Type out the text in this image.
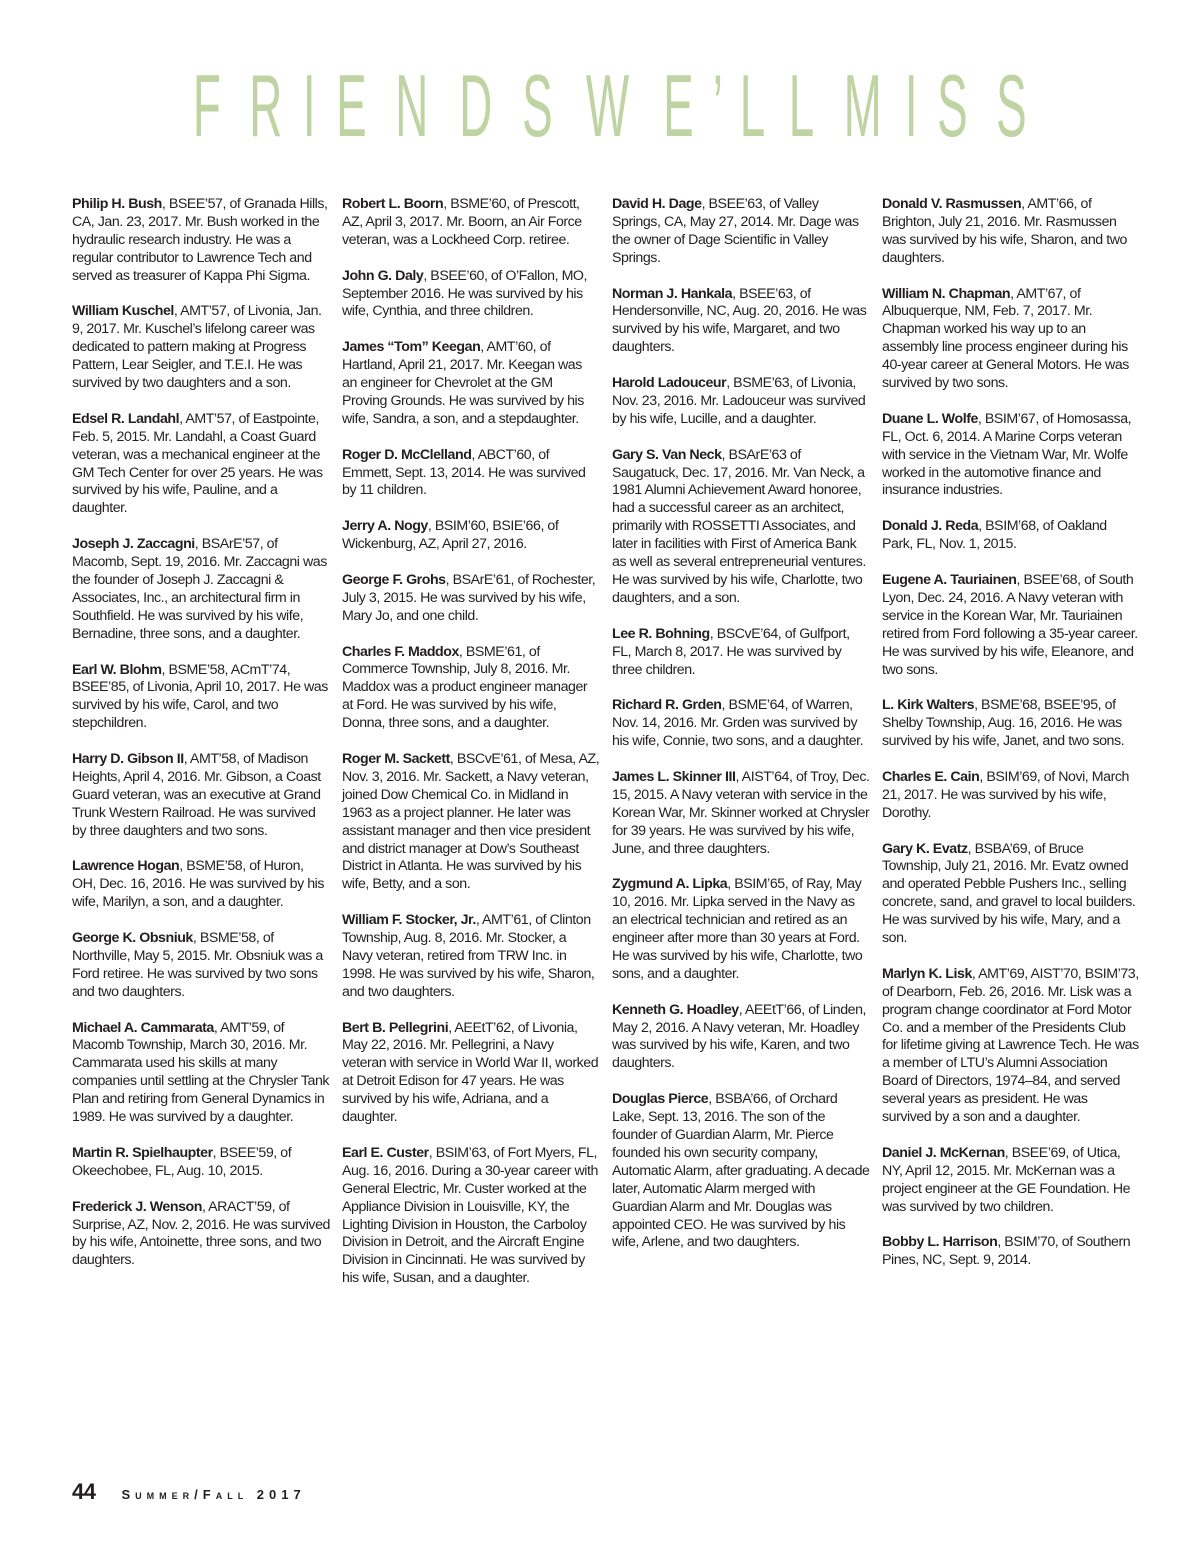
F R I E N D S W E ’ L L M I S S

Philip H. Bush, BSEE’57, of Granada Hills, CA, Jan. 23, 2017. Mr. Bush worked in the hydraulic research industry. He was a regular contributor to Lawrence Tech and served as treasurer of Kappa Phi Sigma.

William Kuschel, AMT’57, of Livonia, Jan. 9, 2017. Mr. Kuschel’s lifelong career was dedicated to pattern making at Progress Pattern, Lear Seigler, and T.E.I. He was survived by two daughters and a son.

Edsel R. Landahl, AMT’57, of Eastpointe, Feb. 5, 2015. Mr. Landahl, a Coast Guard veteran, was a mechanical engineer at the GM Tech Center for over 25 years. He was survived by his wife, Pauline, and a daughter.

Joseph J. Zaccagni, BSArE’57, of Macomb, Sept. 19, 2016. Mr. Zaccagni was the founder of Joseph J. Zaccagni & Associates, Inc., an architectural firm in Southfield. He was survived by his wife, Bernadine, three sons, and a daughter.

Earl W. Blohm, BSME’58, ACmT’74, BSEE’85, of Livonia, April 10, 2017. He was survived by his wife, Carol, and two stepchildren.

Harry D. Gibson II, AMT’58, of Madison Heights, April 4, 2016. Mr. Gibson, a Coast Guard veteran, was an executive at Grand Trunk Western Railroad. He was survived by three daughters and two sons.

Lawrence Hogan, BSME’58, of Huron, OH, Dec. 16, 2016. He was survived by his wife, Marilyn, a son, and a daughter.

George K. Obsniuk, BSME’58, of Northville, May 5, 2015. Mr. Obsniuk was a Ford retiree. He was survived by two sons and two daughters.

Michael A. Cammarata, AMT’59, of Macomb Township, March 30, 2016. Mr. Cammarata used his skills at many companies until settling at the Chrysler Tank Plan and retiring from General Dynamics in 1989. He was survived by a daughter.

Martin R. Spielhaupter, BSEE’59, of Okeechobee, FL, Aug. 10, 2015.

Frederick J. Wenson, ARACT’59, of Surprise, AZ, Nov. 2, 2016. He was survived by his wife, Antoinette, three sons, and two daughters.

Robert L. Boorn, BSME’60, of Prescott, AZ, April 3, 2017. Mr. Boorn, an Air Force veteran, was a Lockheed Corp. retiree.

John G. Daly, BSEE’60, of O’Fallon, MO, September 2016. He was survived by his wife, Cynthia, and three children.

James “Tom” Keegan, AMT’60, of Hartland, April 21, 2017. Mr. Keegan was an engineer for Chevrolet at the GM Proving Grounds. He was survived by his wife, Sandra, a son, and a stepdaughter.

Roger D. McClelland, ABCT’60, of Emmett, Sept. 13, 2014. He was survived by 11 children.

Jerry A. Nogy, BSIM’60, BSIE’66, of Wickenburg, AZ, April 27, 2016.

George F. Grohs, BSArE’61, of Rochester, July 3, 2015. He was survived by his wife, Mary Jo, and one child.

Charles F. Maddox, BSME’61, of Commerce Township, July 8, 2016. Mr. Maddox was a product engineer manager at Ford. He was survived by his wife, Donna, three sons, and a daughter.

Roger M. Sackett, BSCvE’61, of Mesa, AZ, Nov. 3, 2016. Mr. Sackett, a Navy veteran, joined Dow Chemical Co. in Midland in 1963 as a project planner. He later was assistant manager and then vice president and district manager at Dow’s Southeast District in Atlanta. He was survived by his wife, Betty, and a son.

William F. Stocker, Jr., AMT’61, of Clinton Township, Aug. 8, 2016. Mr. Stocker, a Navy veteran, retired from TRW Inc. in 1998. He was survived by his wife, Sharon, and two daughters.

Bert B. Pellegrini, AEEtT’62, of Livonia, May 22, 2016. Mr. Pellegrini, a Navy veteran with service in World War II, worked at Detroit Edison for 47 years. He was survived by his wife, Adriana, and a daughter.

Earl E. Custer, BSIM’63, of Fort Myers, FL, Aug. 16, 2016. During a 30-year career with General Electric, Mr. Custer worked at the Appliance Division in Louisville, KY, the Lighting Division in Houston, the Carboloy Division in Detroit, and the Aircraft Engine Division in Cincinnati. He was survived by his wife, Susan, and a daughter.

David H. Dage, BSEE’63, of Valley Springs, CA, May 27, 2014. Mr. Dage was the owner of Dage Scientific in Valley Springs.

Norman J. Hankala, BSEE’63, of Hendersonville, NC, Aug. 20, 2016. He was survived by his wife, Margaret, and two daughters.

Harold Ladouceur, BSME’63, of Livonia, Nov. 23, 2016. Mr. Ladouceur was survived by his wife, Lucille, and a daughter.

Gary S. Van Neck, BSArE’63 of Saugatuck, Dec. 17, 2016. Mr. Van Neck, a 1981 Alumni Achievement Award honoree, had a successful career as an architect, primarily with ROSSETTI Associates, and later in facilities with First of America Bank as well as several entrepreneurial ventures. He was survived by his wife, Charlotte, two daughters, and a son.

Lee R. Bohning, BSCvE’64, of Gulfport, FL, March 8, 2017. He was survived by three children.

Richard R. Grden, BSME’64, of Warren, Nov. 14, 2016. Mr. Grden was survived by his wife, Connie, two sons, and a daughter.

James L. Skinner III, AIST’64, of Troy, Dec. 15, 2015. A Navy veteran with service in the Korean War, Mr. Skinner worked at Chrysler for 39 years. He was survived by his wife, June, and three daughters.

Zygmund A. Lipka, BSIM’65, of Ray, May 10, 2016. Mr. Lipka served in the Navy as an electrical technician and retired as an engineer after more than 30 years at Ford. He was survived by his wife, Charlotte, two sons, and a daughter.

Kenneth G. Hoadley, AEEtT’66, of Linden, May 2, 2016. A Navy veteran, Mr. Hoadley was survived by his wife, Karen, and two daughters.

Douglas Pierce, BSBA’66, of Orchard Lake, Sept. 13, 2016. The son of the founder of Guardian Alarm, Mr. Pierce founded his own security company, Automatic Alarm, after graduating. A decade later, Automatic Alarm merged with Guardian Alarm and Mr. Douglas was appointed CEO. He was survived by his wife, Arlene, and two daughters.

Donald V. Rasmussen, AMT’66, of Brighton, July 21, 2016. Mr. Rasmussen was survived by his wife, Sharon, and two daughters.

William N. Chapman, AMT’67, of Albuquerque, NM, Feb. 7, 2017. Mr. Chapman worked his way up to an assembly line process engineer during his 40-year career at General Motors. He was survived by two sons.

Duane L. Wolfe, BSIM’67, of Homosassa, FL, Oct. 6, 2014. A Marine Corps veteran with service in the Vietnam War, Mr. Wolfe worked in the automotive finance and insurance industries.

Donald J. Reda, BSIM’68, of Oakland Park, FL, Nov. 1, 2015.

Eugene A. Tauriainen, BSEE’68, of South Lyon, Dec. 24, 2016. A Navy veteran with service in the Korean War, Mr. Tauriainen retired from Ford following a 35-year career. He was survived by his wife, Eleanore, and two sons.

L. Kirk Walters, BSME’68, BSEE’95, of Shelby Township, Aug. 16, 2016. He was survived by his wife, Janet, and two sons.

Charles E. Cain, BSIM’69, of Novi, March 21, 2017. He was survived by his wife, Dorothy.

Gary K. Evatz, BSBA’69, of Bruce Township, July 21, 2016. Mr. Evatz owned and operated Pebble Pushers Inc., selling concrete, sand, and gravel to local builders. He was survived by his wife, Mary, and a son.

Marlyn K. Lisk, AMT’69, AIST’70, BSIM’73, of Dearborn, Feb. 26, 2016. Mr. Lisk was a program change coordinator at Ford Motor Co. and a member of the Presidents Club for lifetime giving at Lawrence Tech. He was a member of LTU’s Alumni Association Board of Directors, 1974–84, and served several years as president. He was survived by a son and a daughter.

Daniel J. McKernan, BSEE’69, of Utica, NY, April 12, 2015. Mr. McKernan was a project engineer at the GE Foundation. He was survived by two children.

Bobby L. Harrison, BSIM’70, of Southern Pines, NC, Sept. 9, 2014.

44 Summer/Fall 2017
